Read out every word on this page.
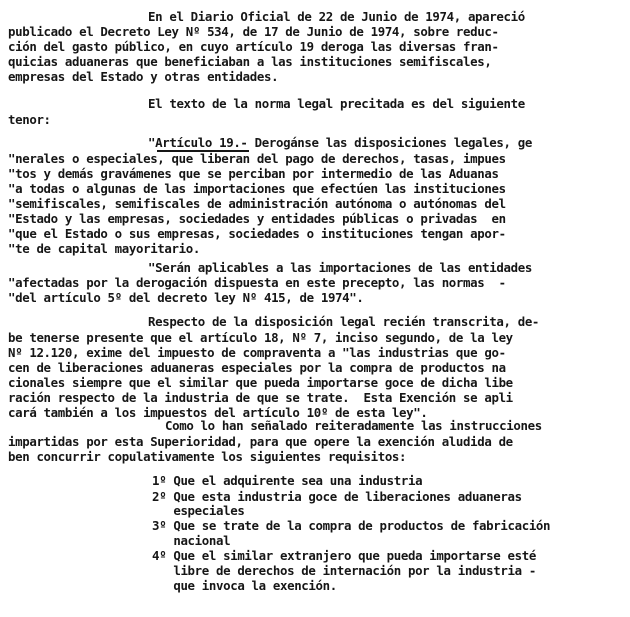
En el Diario Oficial de 22 de Junio de 1974, apareció
publicado el Decreto Ley Nº 534, de 17 de Junio de 1974, sobre reduc-
ción del gasto público, en cuyo artículo 19 deroga las diversas fran-
quicias aduaneras que beneficiaban a las instituciones semifiscales,
empresas del Estado y otras entidades.
El texto de la norma legal precitada es del siguiente
tenor:
"Artículo 19.- Derogánse las disposiciones legales, ge
"nerales o especiales, que liberan del pago de derechos, tasas, impues
"tos y demás gravámenes que se perciban por intermedio de las Aduanas
"a todas o algunas de las importaciones que efectúen las instituciones
"semifiscales, semifiscales de administración autónoma o autónomas del
"Estado y las empresas, sociedades y entidades públicas o privadas  en
"que el Estado o sus empresas, sociedades o instituciones tengan apor-
"te de capital mayoritario.
"Serán aplicables a las importaciones de las entidades
"afectadas por la derogación dispuesta en este precepto, las normas  -
"del artículo 5º del decreto ley Nº 415, de 1974".
Respecto de la disposición legal recién transcrita, de-
be tenerse presente que el artículo 18, Nº 7, inciso segundo, de la ley
Nº 12.120, exime del impuesto de compraventa a "las industrias que go-
cen de liberaciones aduaneras especiales por la compra de productos na
cionales siempre que el similar que pueda importarse goce de dicha libe
ración respecto de la industria de que se trate.  Esta Exención se apli
cará también a los impuestos del artículo 10º de esta ley".
Como lo han señalado reiteradamente las instrucciones
impartidas por esta Superioridad, para que opere la exención aludida de
ben concurrir copulativamente los siguientes requisitos:
1º Que el adquirente sea una industria
2º Que esta industria goce de liberaciones aduaneras
especiales
3º Que se trate de la compra de productos de fabricación
nacional
4º Que el similar extranjero que pueda importarse esté
libre de derechos de internación por la industria -
que invoca la exención.
